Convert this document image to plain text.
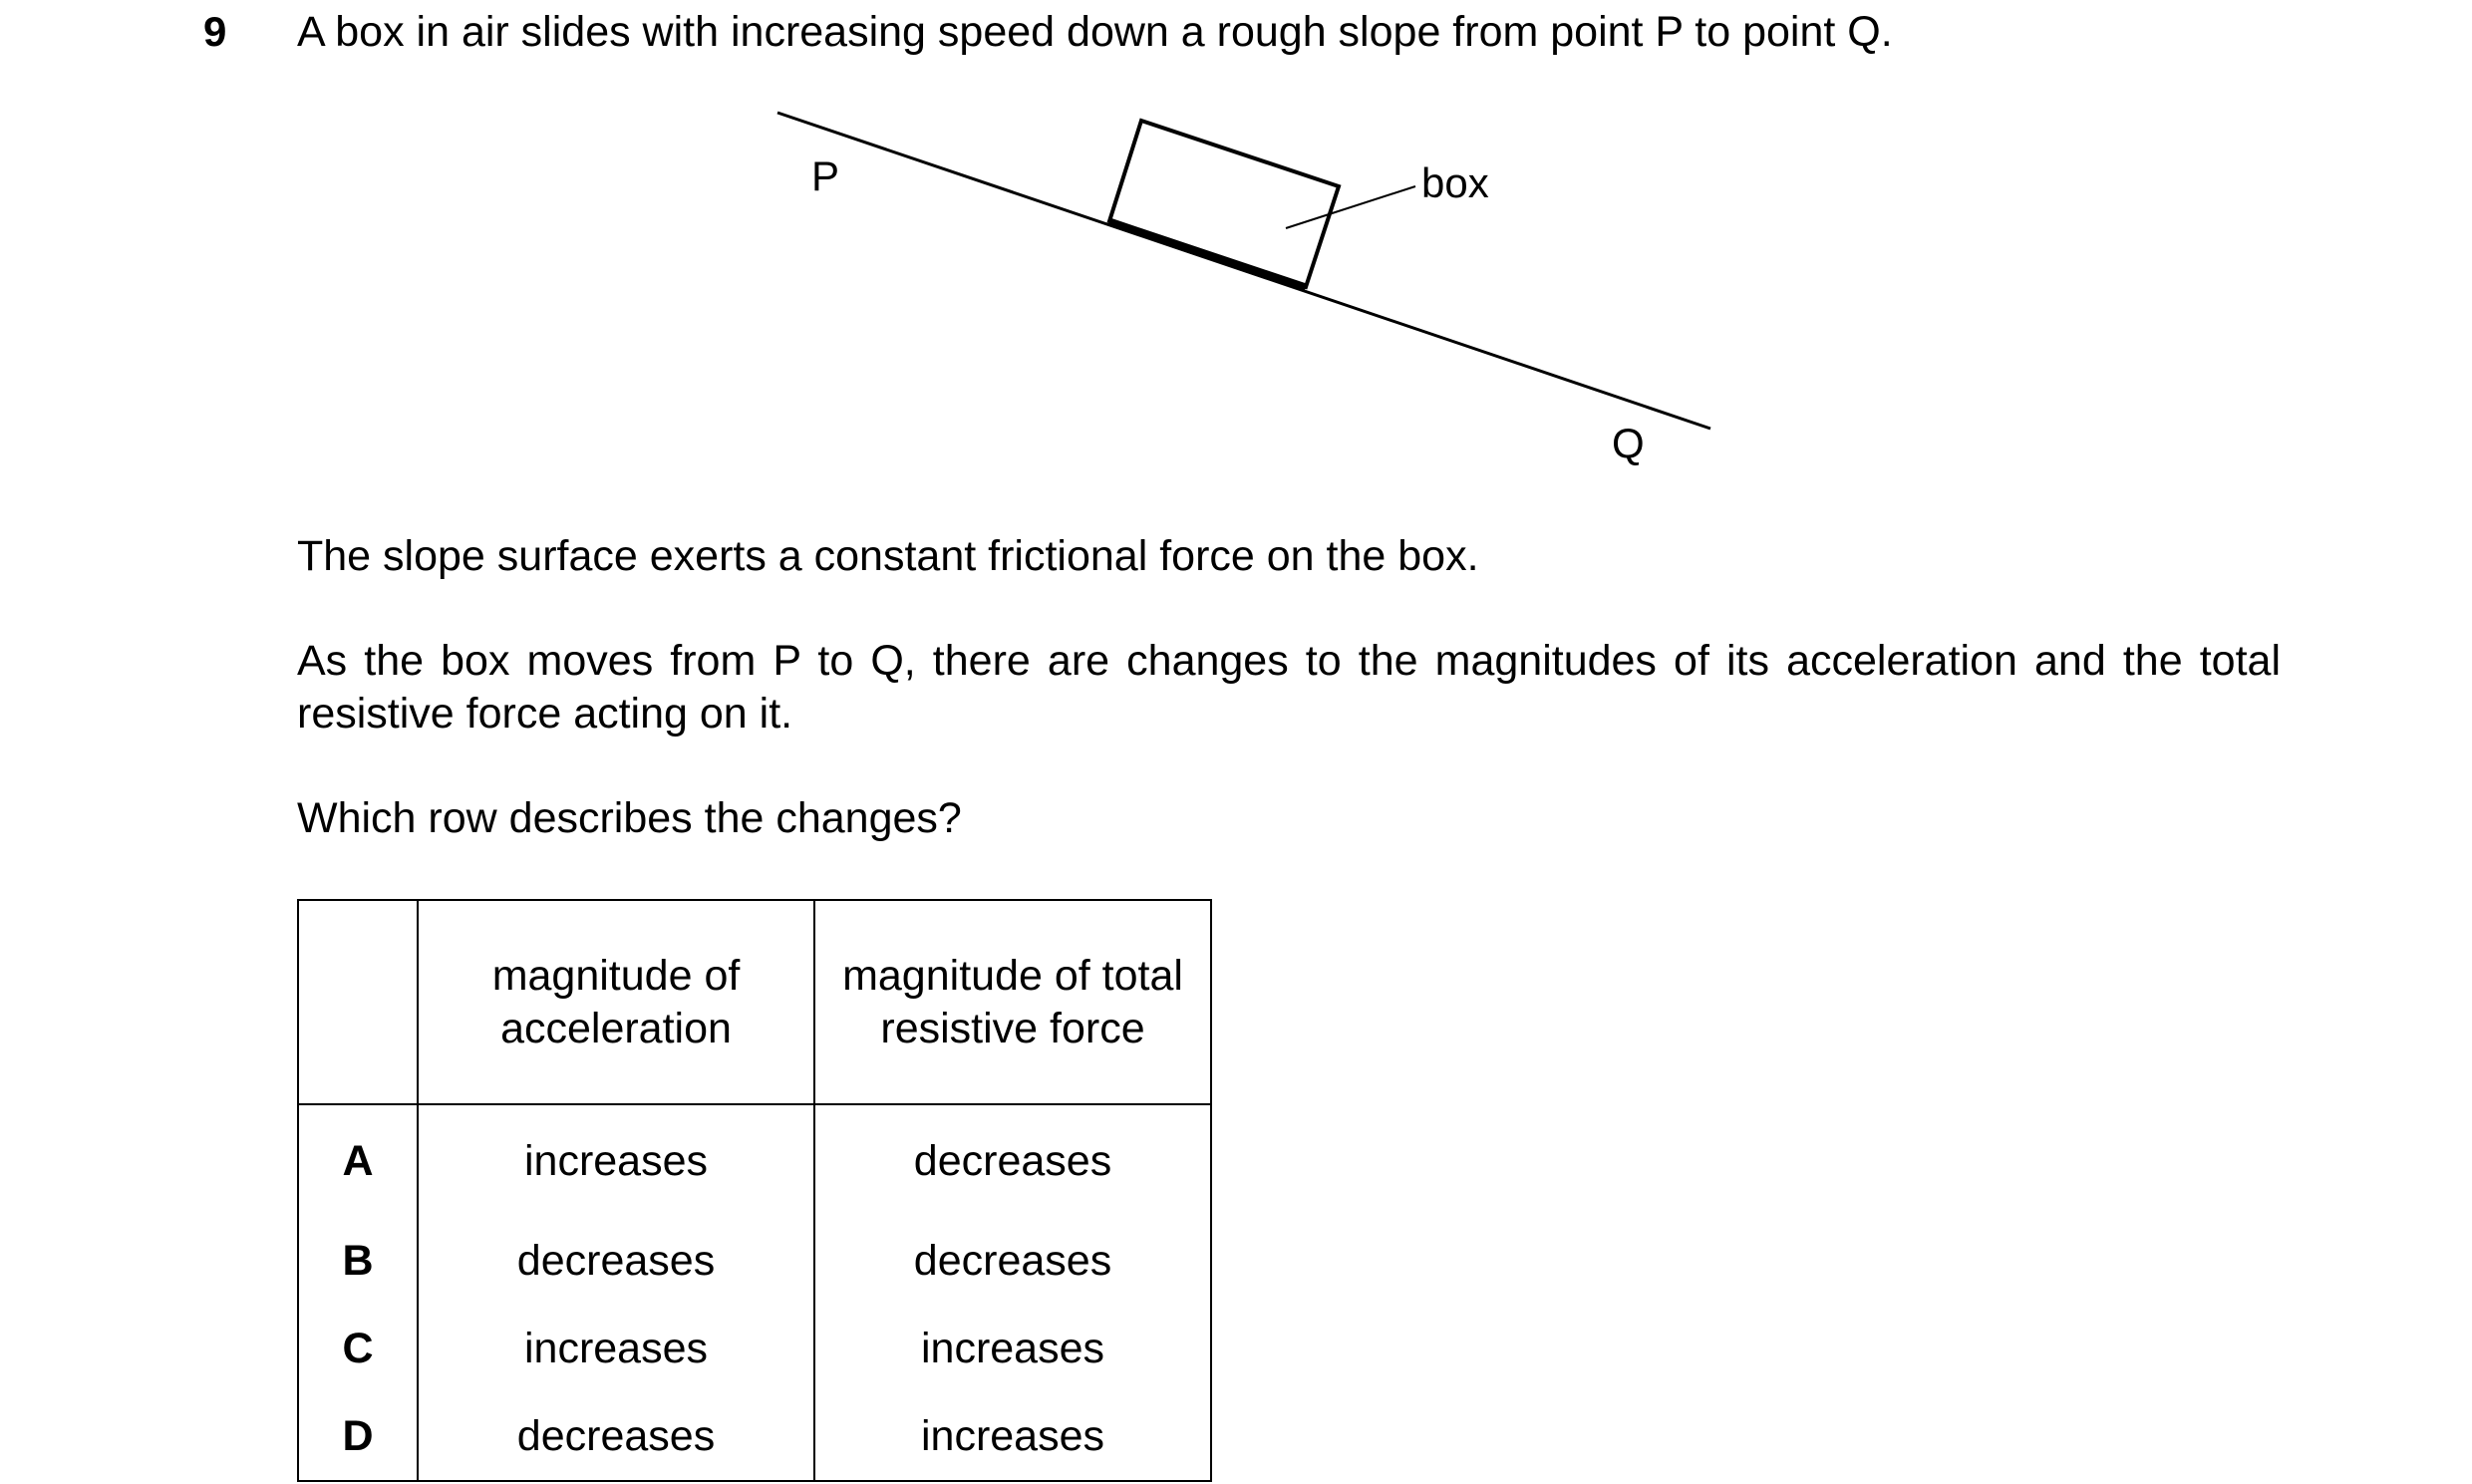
9 A box in air slides with increasing speed down a rough slope from point P to point Q.

P	box
Q

The slope surface exerts a constant frictional force on the box.

As the box moves from P to Q, there are changes to the magnitudes of its acceleration and the total resistive force acting on it.

Which row describes the changes?

	magnitude of acceleration	magnitude of total resistive force
A	increases	decreases
B	decreases	decreases
C	increases	increases
D	decreases	increases
